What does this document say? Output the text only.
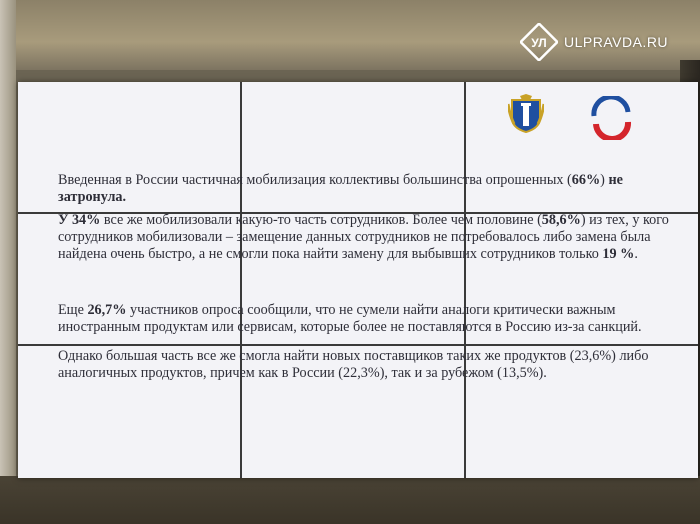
Введенная в России частичная мобилизация коллективы большинства опрошенных (66%) не затронула.
У 34% все же мобилизовали какую-то часть сотрудников. Более чем половине (58,6%) из тех, у кого сотрудников мобилизовали – замещение данных сотрудников не потребовалось либо замена была найдена очень быстро, а не смогли пока найти замену для выбывших сотрудников только 19 %.
Еще 26,7% участников опроса сообщили, что не сумели найти аналоги критически важным иностранным продуктам или сервисам, которые более не поставляются в Россию из-за санкций.
Однако большая часть все же смогла найти новых поставщиков таких же продуктов (23,6%) либо аналогичных продуктов, причем как в России (22,3%), так и за рубежом (13,5%).
УЛ ULPRAVDA.RU
